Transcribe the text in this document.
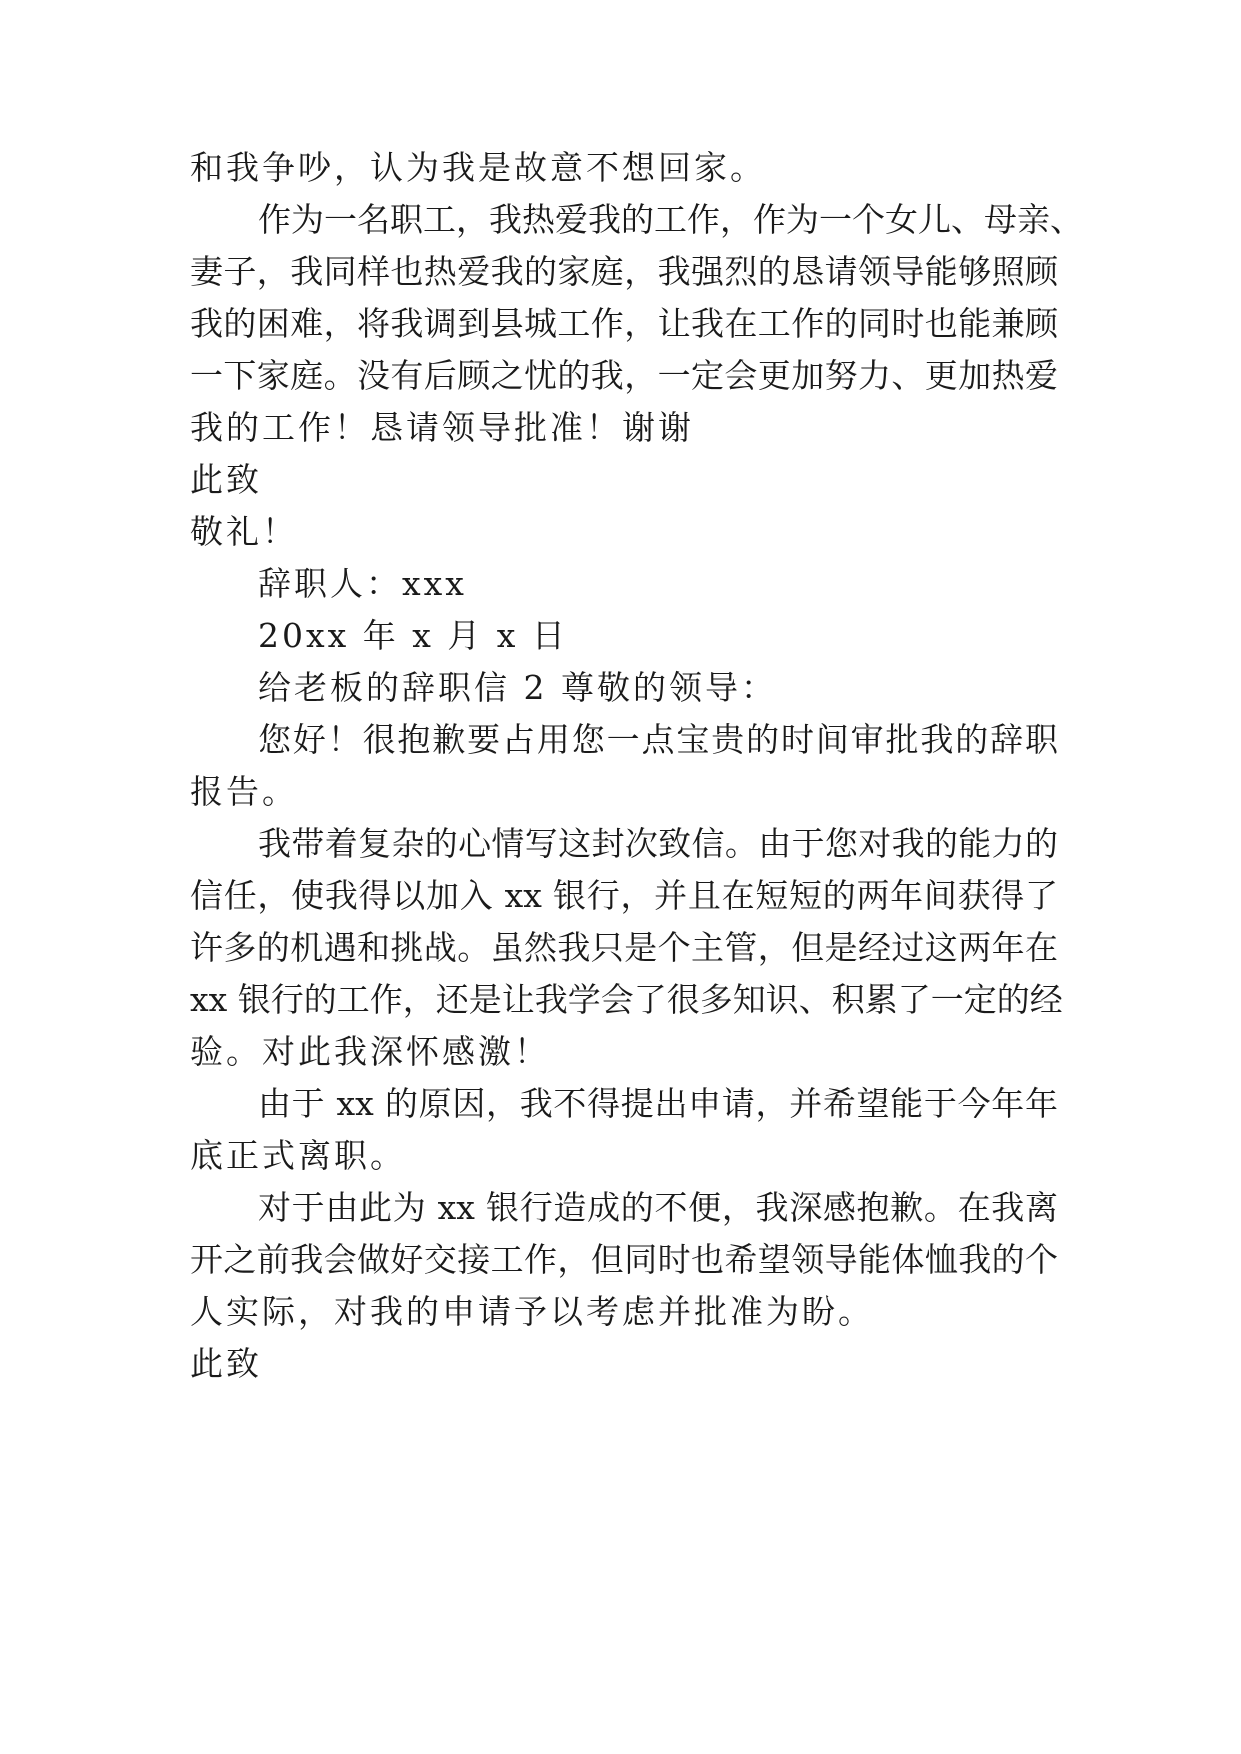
和我争吵，认为我是故意不想回家。

作为一名职工，我热爱我的工作，作为一个女儿、母亲、

妻子，我同样也热爱我的家庭，我强烈的恳请领导能够照顾

我的困难，将我调到县城工作，让我在工作的同时也能兼顾

一下家庭。没有后顾之忧的我，一定会更加努力、更加热爱

我的工作！恳请领导批准！谢谢

此致

敬礼！

辞职人：xxx

20xx 年 x 月 x 日

给老板的辞职信 2 尊敬的领导：

您好！很抱歉要占用您一点宝贵的时间审批我的辞职

报告。

我带着复杂的心情写这封次致信。由于您对我的能力的

信任，使我得以加入 xx 银行，并且在短短的两年间获得了

许多的机遇和挑战。虽然我只是个主管，但是经过这两年在

xx 银行的工作，还是让我学会了很多知识、积累了一定的经

验。对此我深怀感激！

由于 xx 的原因，我不得提出申请，并希望能于今年年

底正式离职。

对于由此为 xx 银行造成的不便，我深感抱歉。在我离

开之前我会做好交接工作，但同时也希望领导能体恤我的个

人实际，对我的申请予以考虑并批准为盼。

此致
